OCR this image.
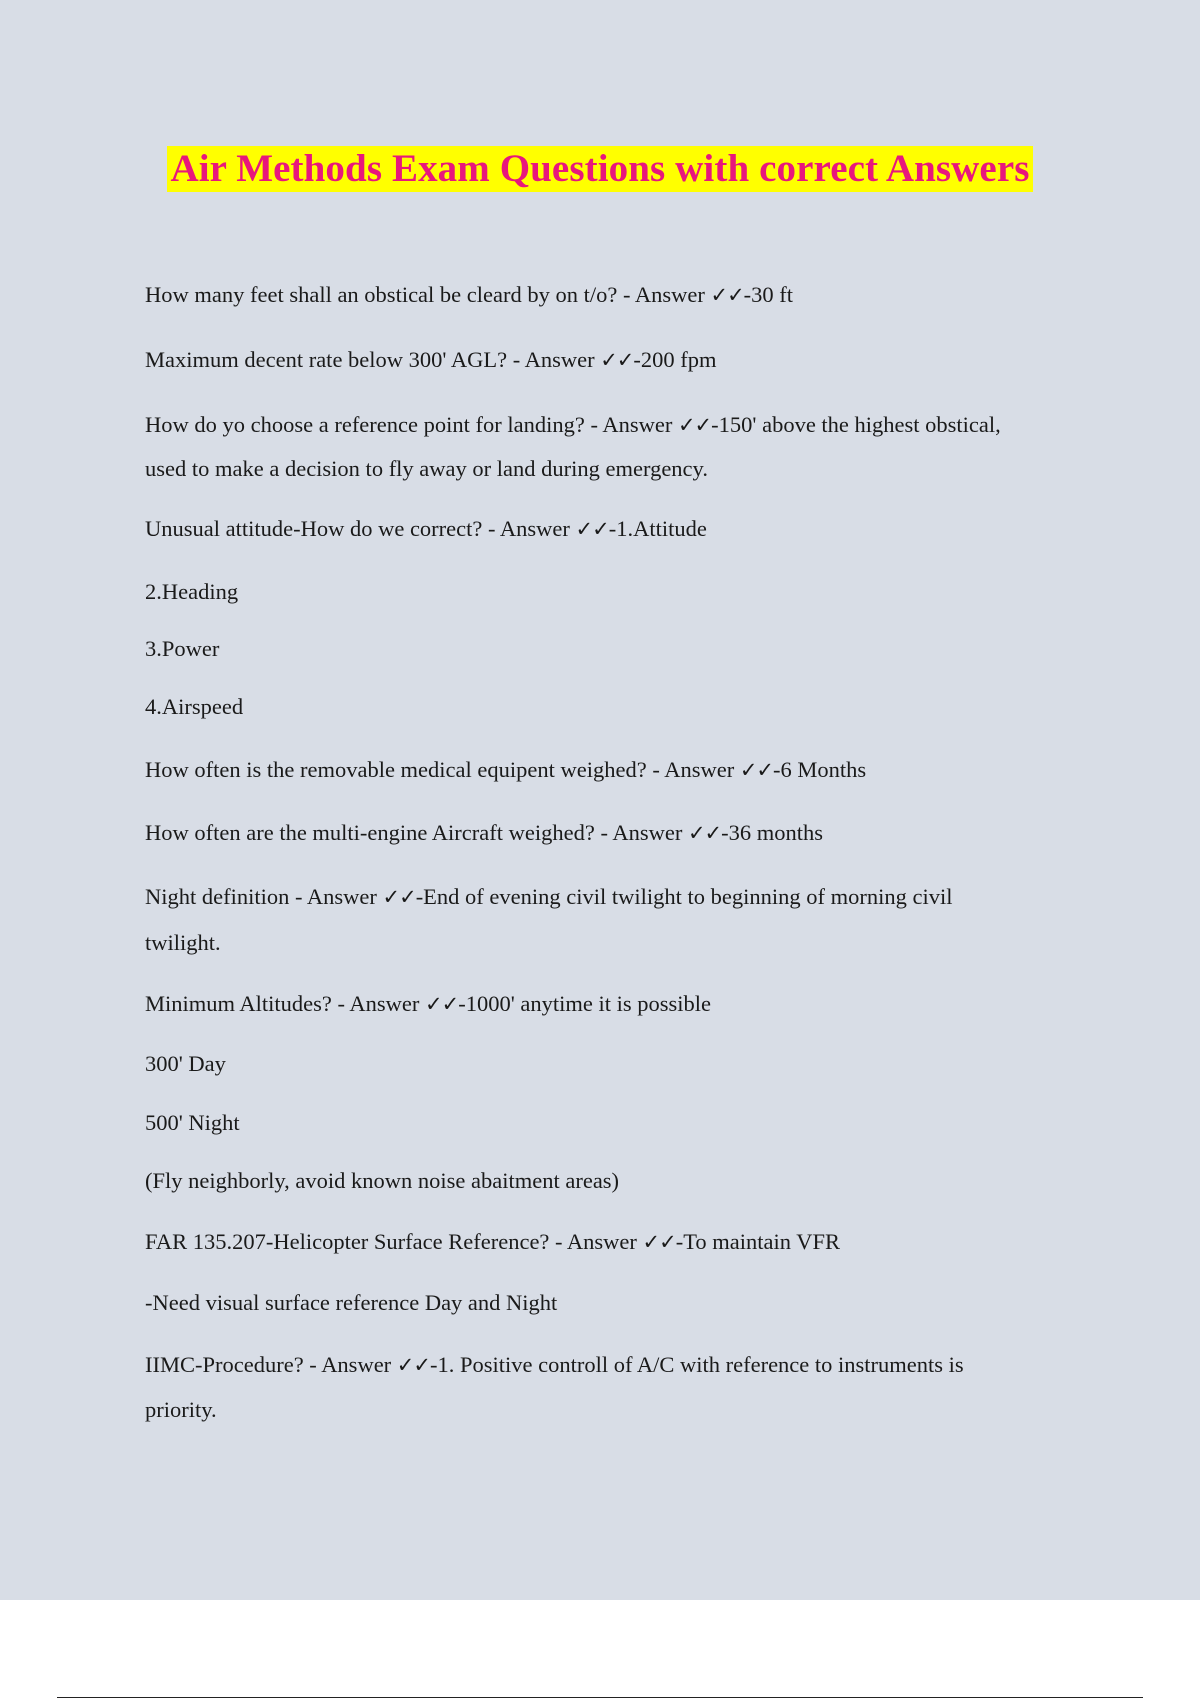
Air Methods Exam Questions with correct Answers
How many feet shall an obstical be cleard by on t/o? - Answer ✓✓-30 ft
Maximum decent rate below 300' AGL? - Answer ✓✓-200 fpm
How do yo choose a reference point for landing? - Answer ✓✓-150' above the highest obstical,
used to make a decision to fly away or land during emergency.
Unusual attitude-How do we correct? - Answer ✓✓-1.Attitude
2.Heading
3.Power
4.Airspeed
How often is the removable medical equipent weighed? - Answer ✓✓-6 Months
How often are the multi-engine Aircraft weighed? - Answer ✓✓-36 months
Night definition - Answer ✓✓-End of evening civil twilight to beginning of morning civil
twilight.
Minimum Altitudes? - Answer ✓✓-1000' anytime it is possible
300' Day
500' Night
(Fly neighborly, avoid known noise abaitment areas)
FAR 135.207-Helicopter Surface Reference? - Answer ✓✓-To maintain VFR
-Need visual surface reference Day and Night
IIMC-Procedure? - Answer ✓✓-1. Positive controll of A/C with reference to instruments is
priority.
